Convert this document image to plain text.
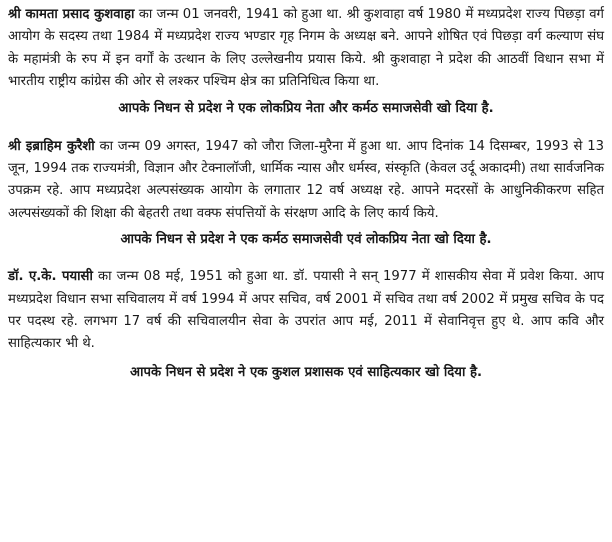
श्री कामता प्रसाद कुशवाहा का जन्म 01 जनवरी, 1941 को हुआ था. श्री कुशवाहा वर्ष 1980 में मध्यप्रदेश राज्य पिछड़ा वर्ग आयोग के सदस्य तथा 1984 में मध्यप्रदेश राज्य भण्डार गृह निगम के अध्यक्ष बने. आपने शोषित एवं पिछड़ा वर्ग कल्याण संघ के महामंत्री के रुप में इन वर्गों के उत्थान के लिए उल्लेखनीय प्रयास किये. श्री कुशवाहा ने प्रदेश की आठवीं विधान सभा में भारतीय राष्ट्रीय कांग्रेस की ओर से लश्कर पश्चिम क्षेत्र का प्रतिनिधित्व किया था.

आपके निधन से प्रदेश ने एक लोकप्रिय नेता और कर्मठ समाजसेवी खो दिया है.

श्री इब्राहिम कुरैशी का जन्म 09 अगस्त, 1947 को जौरा जिला-मुरैना में हुआ था. आप दिनांक 14 दिसम्बर, 1993 से 13 जून, 1994 तक राज्यमंत्री, विज्ञान और टेक्नालॉजी, धार्मिक न्यास और धर्मस्व, संस्कृति (केवल उर्दू अकादमी) तथा सार्वजनिक उपक्रम रहे. आप मध्यप्रदेश अल्पसंख्यक आयोग के लगातार 12 वर्ष अध्यक्ष रहे. आपने मदरसों के आधुनिकीकरण सहित अल्पसंख्यकों की शिक्षा की बेहतरी तथा वक्फ संपत्तियों के संरक्षण आदि के लिए कार्य किये.

आपके निधन से प्रदेश ने एक कर्मठ समाजसेवी एवं लोकप्रिय नेता खो दिया है.

डॉ. ए.के. पयासी का जन्म 08 मई, 1951 को हुआ था. डॉ. पयासी ने सन् 1977 में शासकीय सेवा में प्रवेश किया. आप मध्यप्रदेश विधान सभा सचिवालय में वर्ष 1994 में अपर सचिव, वर्ष 2001 में सचिव तथा वर्ष 2002 में प्रमुख सचिव के पद पर पदस्थ रहे. लगभग 17 वर्ष की सचिवालयीन सेवा के उपरांत आप मई, 2011 में सेवानिवृत्त हुए थे. आप कवि और साहित्यकार भी थे.

आपके निधन से प्रदेश ने एक कुशल प्रशासक एवं साहित्यकार खो दिया है.
